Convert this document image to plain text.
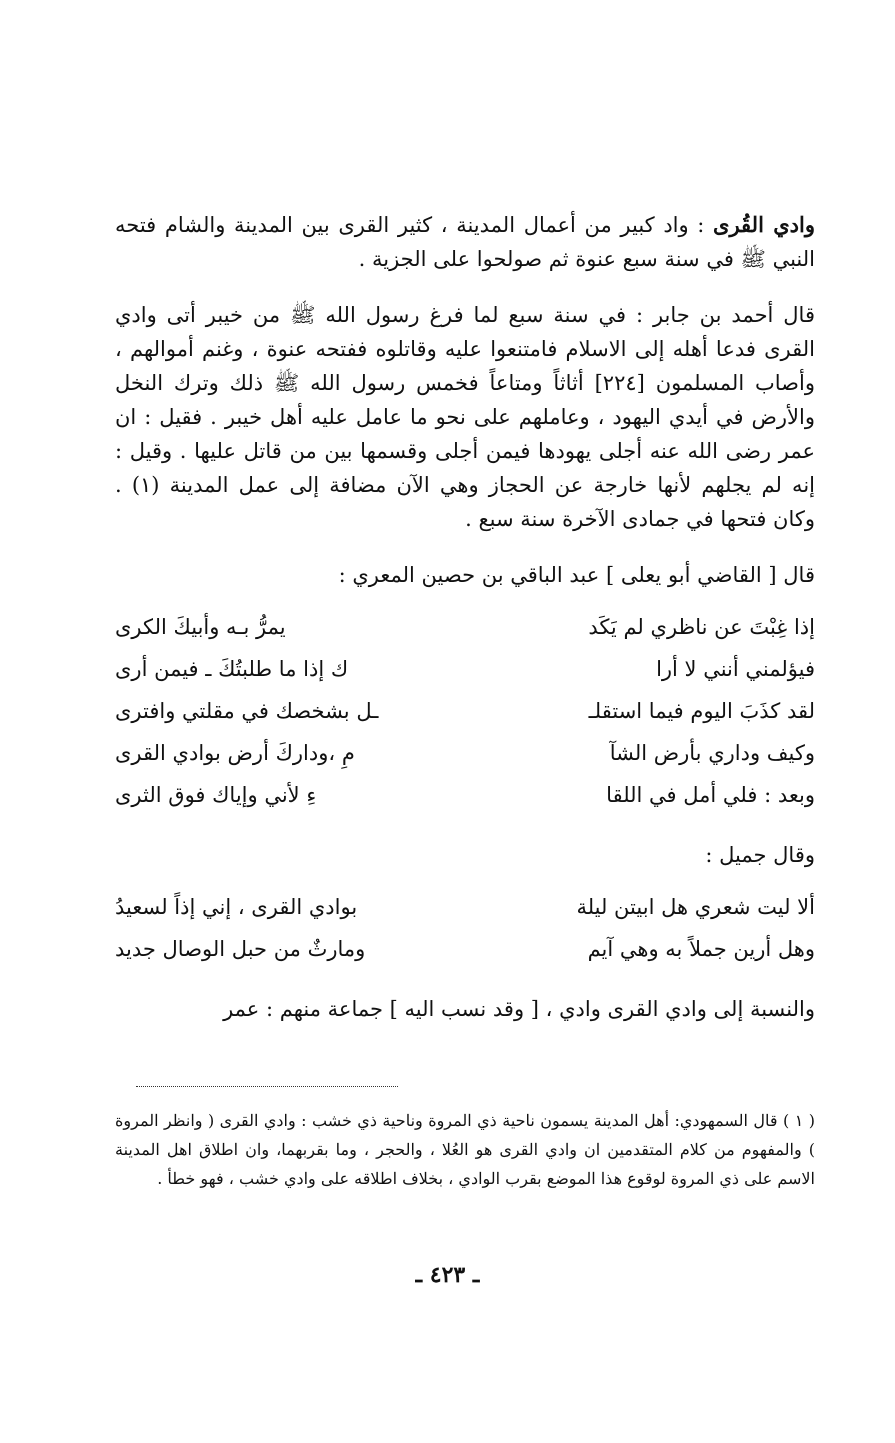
وادي القُرى : واد كبير من أعمال المدينة ، كثير القرى بين المدينة والشام فتحه النبي ﷺ في سنة سبع عنوة ثم صولحوا على الجزية .

قال أحمد بن جابر : في سنة سبع لما فرغ رسول الله ﷺ من خيبر أتى وادي القرى فدعا أهله إلى الاسلام فامتنعوا عليه وقاتلوه ففتحه عنوة ، وغنم أموالهم ، وأصاب المسلمون [٢٢٤] أثاثاً ومتاعاً فخمس رسول الله ﷺ ذلك وترك النخل والأرض في أيدي اليهود ، وعاملهم على نحو ما عامل عليه أهل خيبر . فقيل : ان عمر رضى الله عنه أجلى يهودها فيمن أجلى وقسمها بين من قاتل عليها . وقيل : إنه لم يجلهم لأنها خارجة عن الحجاز وهي الآن مضافة إلى عمل المدينة (١) . وكان فتحها في جمادى الآخرة سنة سبع .

قال [ القاضي أبو يعلى ] عبد الباقي بن حصين المعري :

إذا غِبْتَ عن ناظري لم يَكَد
يمرُّ بـه وأبيكَ الكرى
فيؤلمني أنني لا أرا
ك إذا ما طلبتُكَ ـ فيمن أرى
لقد كذَبَ اليوم فيما استقلـ
ـل بشخصك في مقلتي وافترى
وكيف وداري بأرض الشآ
مِ ،وداركَ أرض بوادي القرى
وبعد : فلي أمل في اللقا
ءِ لأني وإياك فوق الثرى

وقال جميل :

ألا ليت شعري هل ابيتن ليلة
بوادي القرى ، إني إذاً لسعيدُ
وهل أرين جملاً به وهي آيم
ومارثٌ من حبل الوصال جديد

والنسبة إلى وادي القرى وادي ، [ وقد نسب اليه ] جماعة منهم : عمر

( ١ ) قال السمهودي: أهل المدينة يسمون ناحية ذي المروة وناحية ذي خشب : وادي القرى ( وانظر المروة ) والمفهوم من كلام المتقدمين ان وادي القرى هو العُلا ، والحجر ، وما بقربهما، وان اطلاق اهل المدينة الاسم على ذي المروة لوقوع هذا الموضع بقرب الوادي ، بخلاف اطلاقه على وادي خشب ، فهو خطأ .
ـ ٤٢٣ ـ
